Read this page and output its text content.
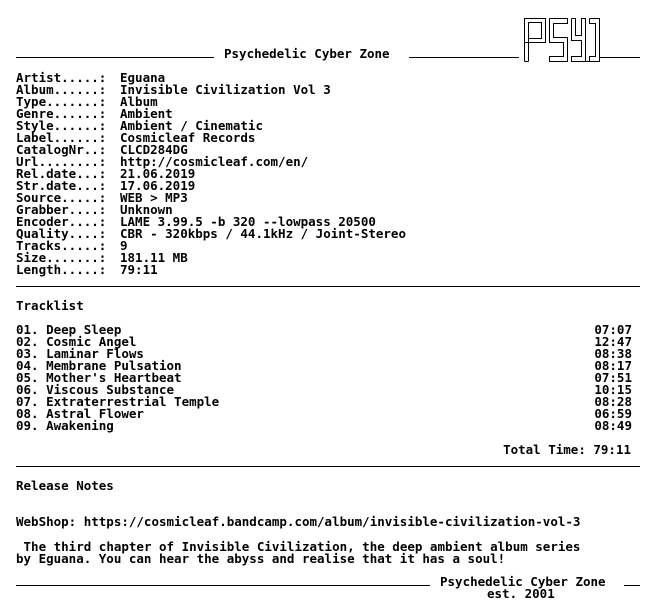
Psychedelic Cyber Zone
Artist.....: Eguana
Album......: Invisible Civilization Vol 3
Type.......: Album
Genre......: Ambient
Style......: Ambient / Cinematic
Label......: Cosmicleaf Records
CatalogNr..: CLCD284DG
Url........: http://cosmicleaf.com/en/
Rel.date...: 21.06.2019
Str.date...: 17.06.2019
Source.....: WEB > MP3
Grabber....: Unknown
Encoder....: LAME 3.99.5 -b 320 --lowpass 20500
Quality....: CBR - 320kbps / 44.1kHz / Joint-Stereo
Tracks.....: 9
Size.......: 181.11 MB
Length.....: 79:11
Tracklist
01. Deep Sleep	07:07
02. Cosmic Angel	12:47
03. Laminar Flows	08:38
04. Membrane Pulsation	08:17
05. Mother's Heartbeat	07:51
06. Viscous Substance	10:15
07. Extraterrestrial Temple	08:28
08. Astral Flower	06:59
09. Awakening	08:49
Total Time: 79:11
Release Notes
WebShop: https://cosmicleaf.bandcamp.com/album/invisible-civilization-vol-3
The third chapter of Invisible Civilization, the deep ambient album series
by Eguana. You can hear the abyss and realise that it has a soul!
Psychedelic Cyber Zone
est. 2001
